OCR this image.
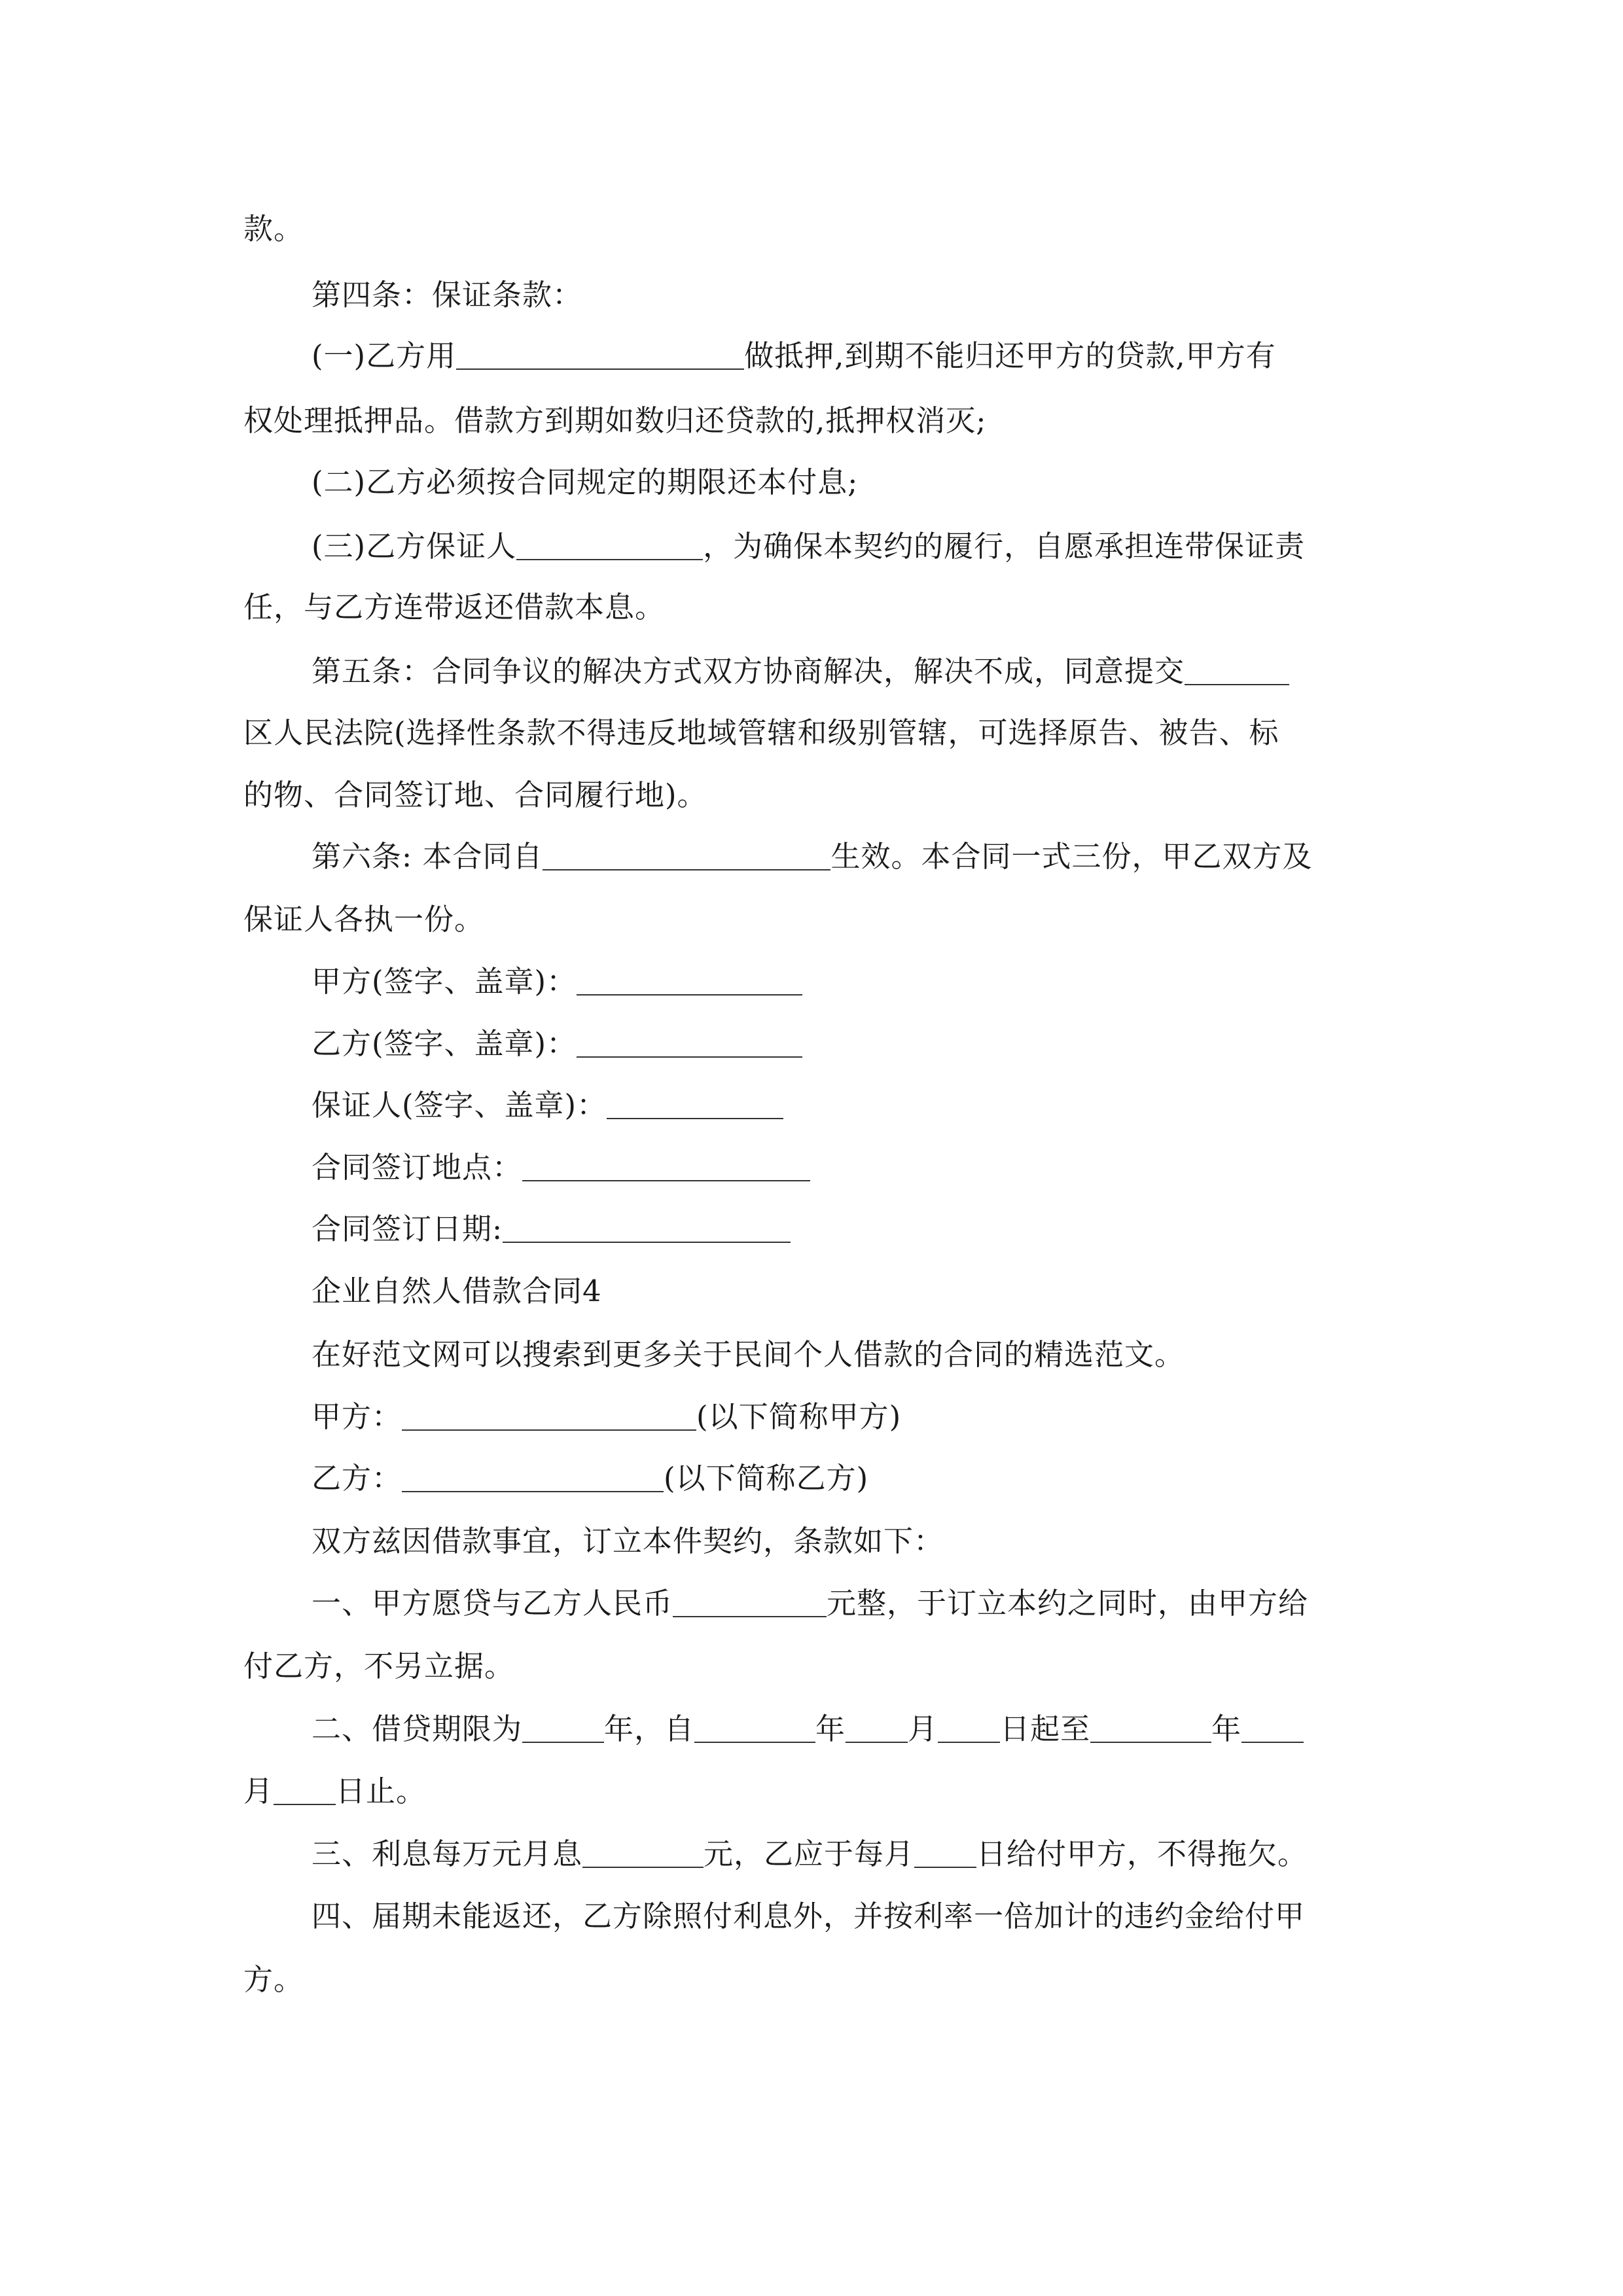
款。
第四条：保证条款：
(一)乙方用	做抵押,到期不能归还甲方的贷款,甲方有
权处理抵押品。借款方到期如数归还贷款的,抵押权消灭;
(二)乙方必须按合同规定的期限还本付息;
(三)乙方保证人	，为确保本契约的履行，自愿承担连带保证责
任，与乙方连带返还借款本息。
第五条：合同争议的解决方式双方协商解决，解决不成，同意提交
区人民法院(选择性条款不得违反地域管辖和级别管辖，可选择原告、被告、标
的物、合同签订地、合同履行地)。
第六条: 本合同自	生效。本合同一式三份，甲乙双方及
保证人各执一份。
甲方(签字、盖章)：
乙方(签字、盖章)：
保证人(签字、盖章)：
合同签订地点：
合同签订日期:
企业自然人借款合同4
在好范文网可以搜索到更多关于民间个人借款的合同的精选范文。
甲方：	(以下简称甲方)
乙方：	(以下简称乙方)
双方兹因借款事宜，订立本件契约，条款如下：
一、甲方愿贷与乙方人民币	元整，于订立本约之同时，由甲方给
付乙方，不另立据。
二、借贷期限为	年，自	年 月 日起至	年
月 日止。
三、利息每万元月息	元，乙应于每月 日给付甲方，不得拖欠。
四、届期未能返还，乙方除照付利息外，并按利率一倍加计的违约金给付甲
方。
